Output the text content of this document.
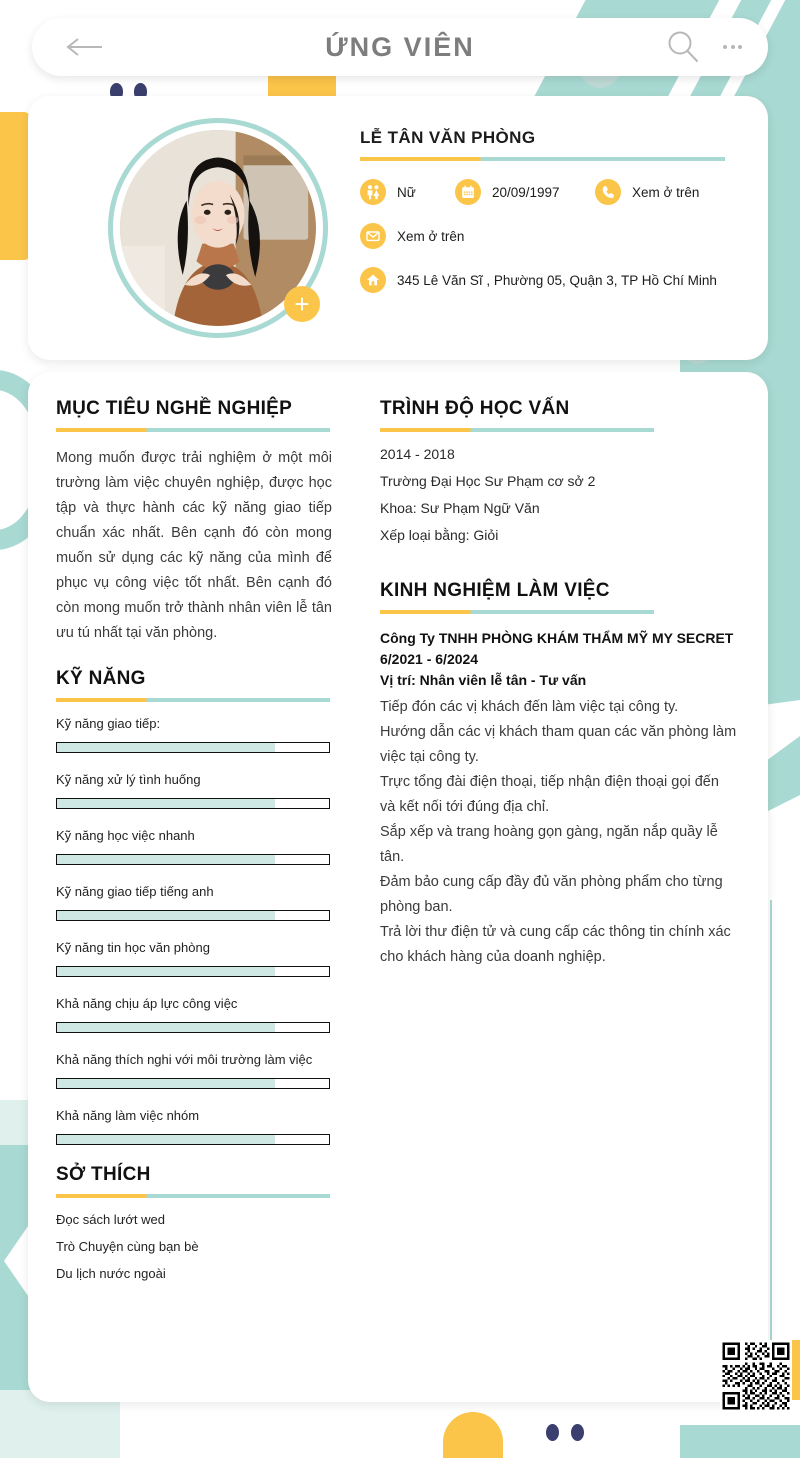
ỨNG VIÊN
+
LỄ TÂN VĂN PHÒNG
Nữ	20/09/1997	Xem ở trên
Xem ở trên
345 Lê Văn Sĩ , Phường 05, Quận 3, TP Hồ Chí Minh
MỤC TIÊU NGHỀ NGHIỆP
Mong muốn được trải nghiệm ở một môi trường làm việc chuyên nghiệp, được học tập và thực hành các kỹ năng giao tiếp chuẩn xác nhất. Bên cạnh đó còn mong muốn sử dụng các kỹ năng của mình để phục vụ công việc tốt nhất. Bên cạnh đó còn mong muốn trở thành nhân viên lễ tân ưu tú nhất tại văn phòng.
KỸ NĂNG
Kỹ năng giao tiếp:
Kỹ năng xử lý tình huống
Kỹ năng học việc nhanh
Kỹ năng giao tiếp tiếng anh
Kỹ năng tin học văn phòng
Khả năng chịu áp lực công việc
Khả năng thích nghi với môi trường làm việc
Khả năng làm việc nhóm
SỞ THÍCH
Đọc sách lướt wed
Trò Chuyện cùng bạn bè
Du lịch nước ngoài
TRÌNH ĐỘ HỌC VẤN
2014 - 2018
Trường Đại Học Sư Phạm cơ sở 2
Khoa: Sư Phạm Ngữ Văn
Xếp loại bằng: Giỏi
KINH NGHIỆM LÀM VIỆC
Công Ty TNHH PHÒNG KHÁM THẨM MỸ MY SECRET
6/2021 - 6/2024
Vị trí: Nhân viên lễ tân - Tư vấn
Tiếp đón các vị khách đến làm việc tại công ty.
Hướng dẫn các vị khách tham quan các văn phòng làm việc tại công ty.
Trực tổng đài điện thoại, tiếp nhận điện thoại gọi đến và kết nối tới đúng địa chỉ.
Sắp xếp và trang hoàng gọn gàng, ngăn nắp quầy lễ tân.
Đảm bảo cung cấp đầy đủ văn phòng phẩm cho từng phòng ban.
Trả lời thư điện tử và cung cấp các thông tin chính xác cho khách hàng của doanh nghiệp.
